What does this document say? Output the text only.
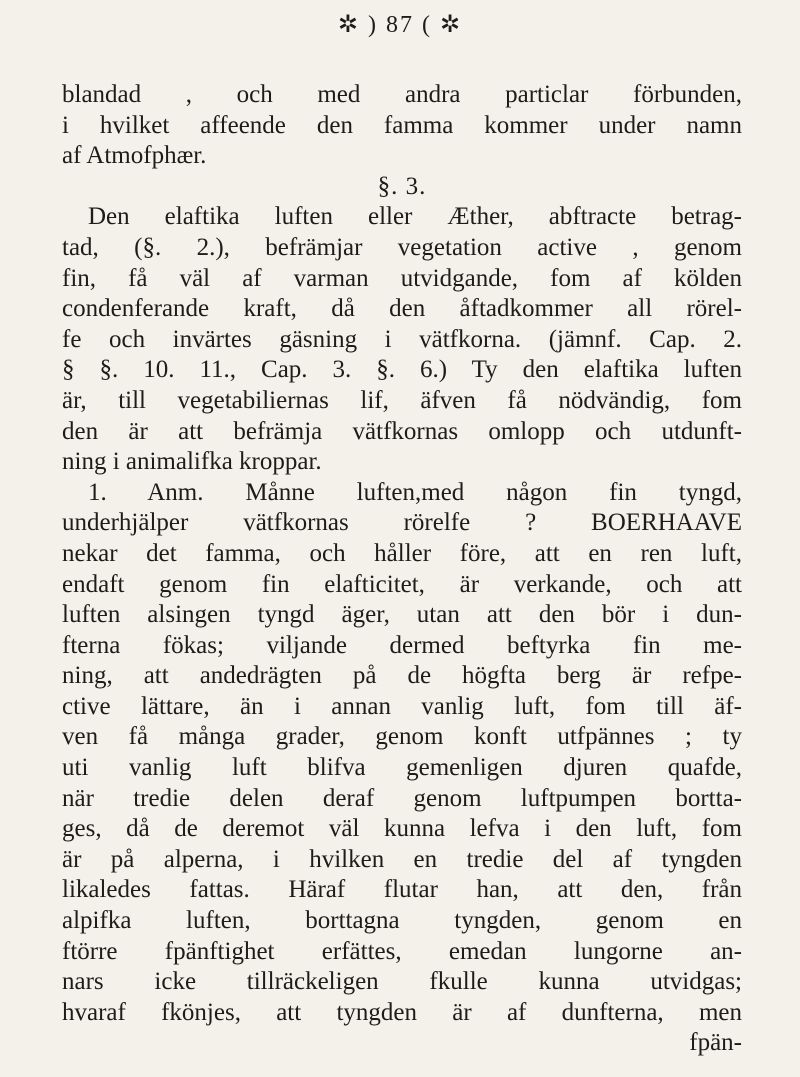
✲ ) 87 ( ✲
blandad , och med andra particlar förbunden,
i hvilket affeende den famma kommer under namn
af Atmofphær.
§. 3.
Den elaftika luften eller Æther, abftracte betrag-
tad, (§. 2.), befrämjar vegetation active , genom
fin, få väl af varman utvidgande, fom af kölden
condenferande kraft, då den åftadkommer all rörel-
fe och invärtes gäsning i vätfkorna. (jämnf. Cap. 2.
§ §. 10. 11., Cap. 3. §. 6.) Ty den elaftika luften
är, till vegetabiliernas lif, äfven få nödvändig, fom
den är att befrämja vätfkornas omlopp och utdunft-
ning i animalifka kroppar.
1. Anm. Månne luften,med någon fin tyngd,
underhjälper vätfkornas rörelfe ? BOERHAAVE
nekar det famma, och håller före, att en ren luft,
endaft genom fin elafticitet, är verkande, och att
luften alsingen tyngd äger, utan att den bör i dun-
fterna fökas; viljande dermed beftyrka fin me-
ning, att andedrägten på de högfta berg är refpe-
ctive lättare, än i annan vanlig luft, fom till äf-
ven få många grader, genom konft utfpännes ; ty
uti vanlig luft blifva gemenligen djuren quafde,
när tredie delen deraf genom luftpumpen bortta-
ges, då de deremot väl kunna lefva i den luft, fom
är på alperna, i hvilken en tredie del af tyngden
likaledes fattas. Häraf flutar han, att den, från
alpifka luften, borttagna tyngden, genom en
ftörre fpänftighet erfättes, emedan lungorne an-
nars icke tillräckeligen fkulle kunna utvidgas;
hvaraf fkönjes, att tyngden är af dunfterna, men
fpän-
